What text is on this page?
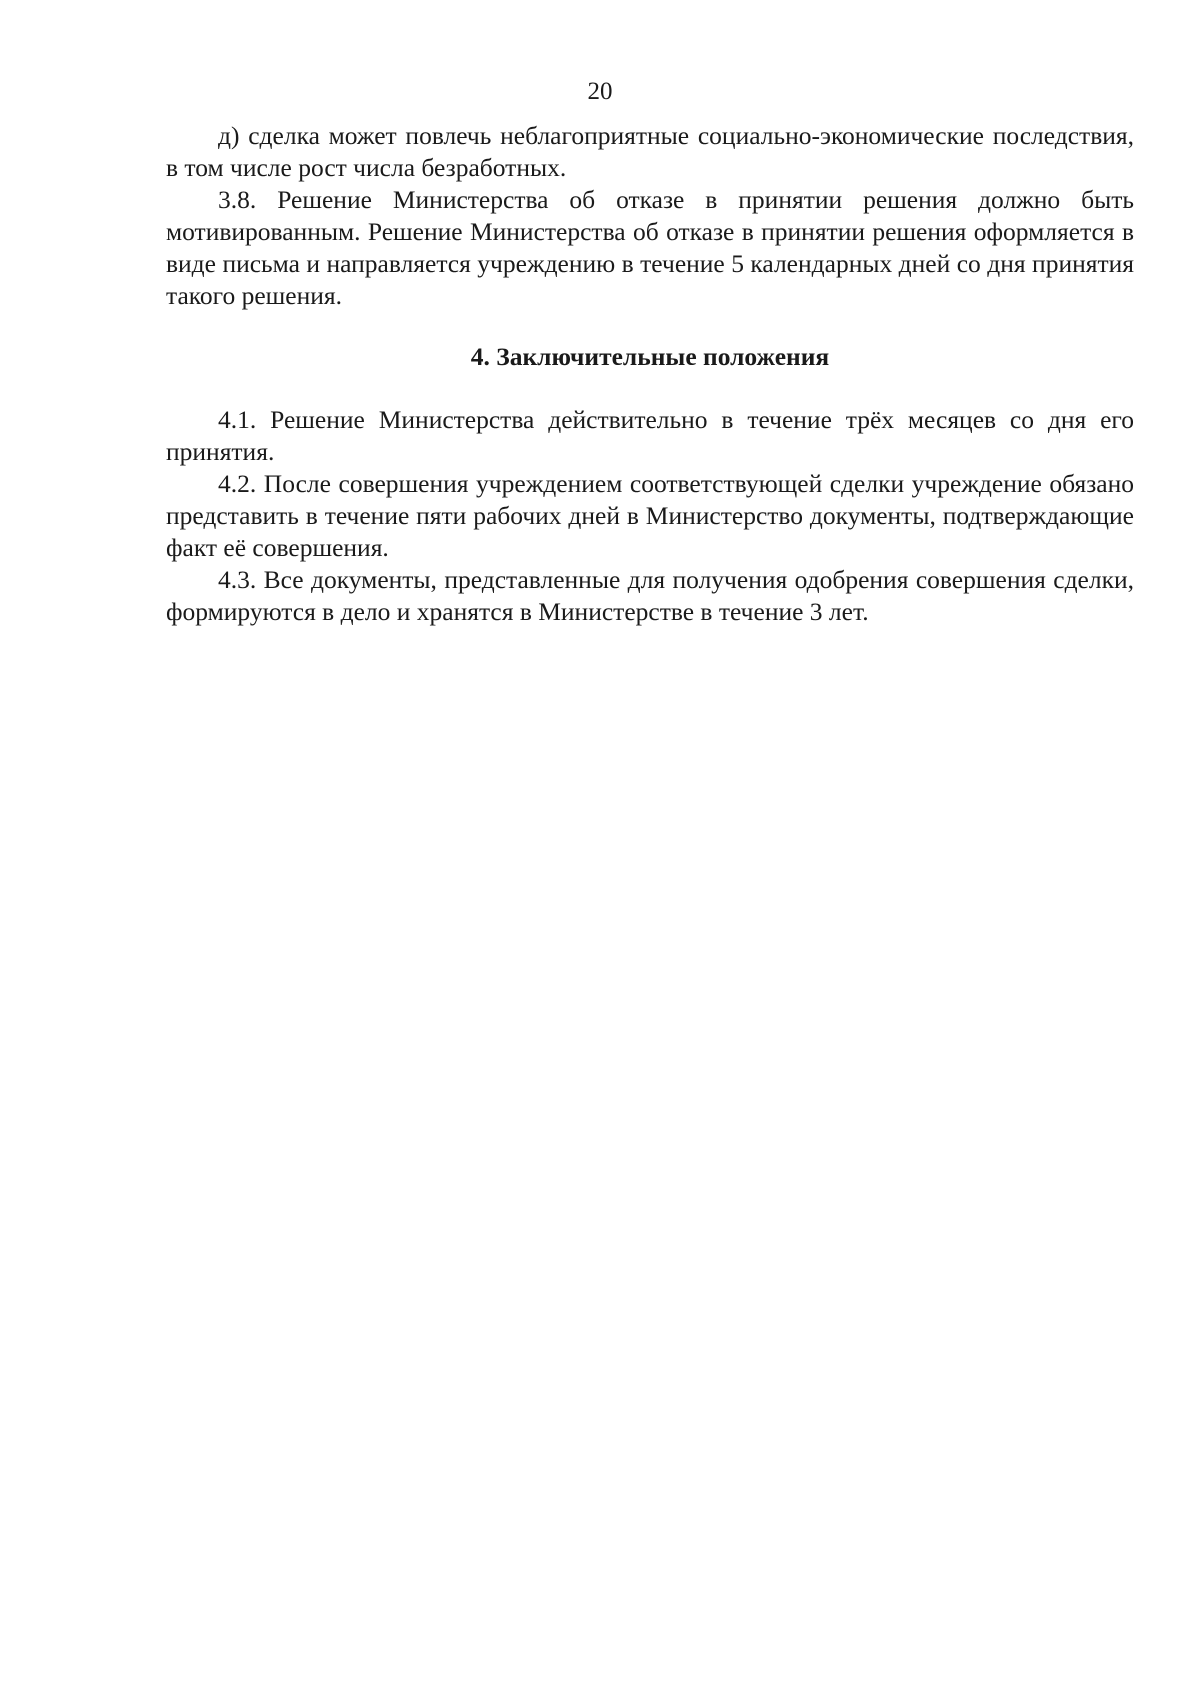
20

д) сделка может повлечь неблагоприятные социально-экономические последствия, в том числе рост числа безработных.

3.8. Решение Министерства об отказе в принятии решения должно быть мотивированным. Решение Министерства об отказе в принятии решения оформляется в виде письма и направляется учреждению в течение 5 календарных дней со дня принятия такого решения.

4. Заключительные положения

4.1. Решение Министерства действительно в течение трёх месяцев со дня его принятия.

4.2. После совершения учреждением соответствующей сделки учреждение обязано представить в течение пяти рабочих дней в Министерство документы, подтверждающие факт её совершения.

4.3. Все документы, представленные для получения одобрения совершения сделки, формируются в дело и хранятся в Министерстве в течение 3 лет.
